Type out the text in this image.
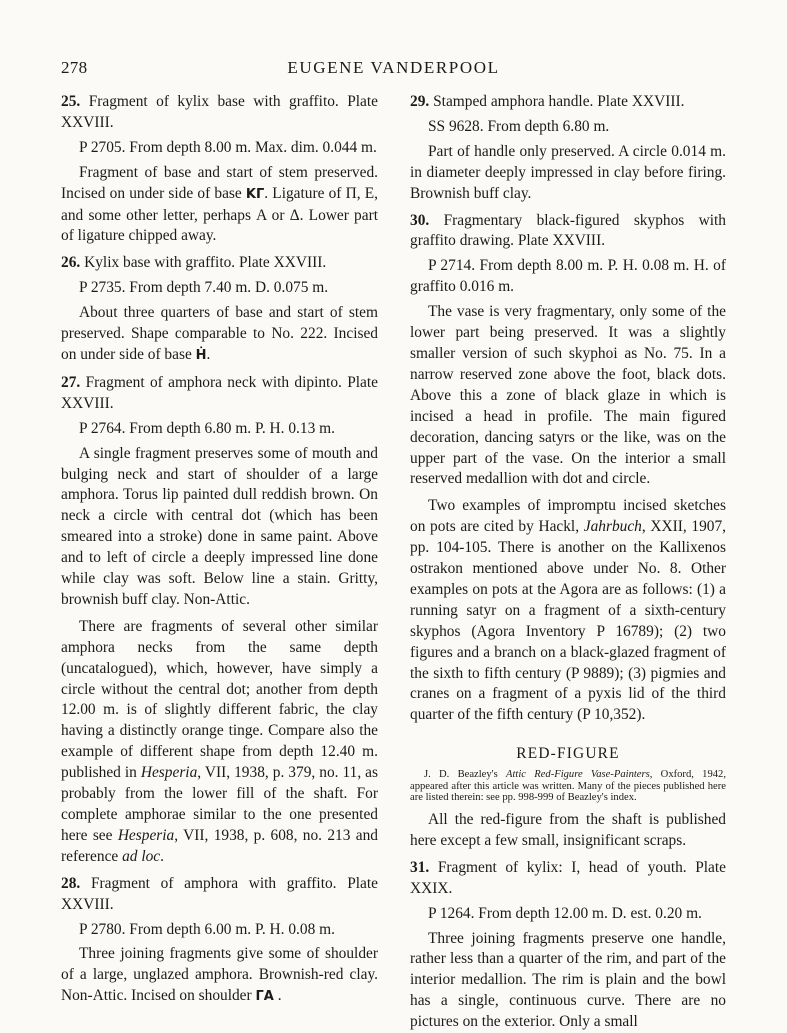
278	EUGENE VANDERPOOL

25. Fragment of kylix base with graffito. Plate XXVIII.

P 2705. From depth 8.00 m. Max. dim. 0.044 m.

Fragment of base and start of stem preserved. Incised on under side of base ΚΓ. Ligature of Π, Ε, and some other letter, perhaps Α or Δ. Lower part of ligature chipped away.

26. Kylix base with graffito. Plate XXVIII.

P 2735. From depth 7.40 m. D. 0.075 m.

About three quarters of base and start of stem preserved. Shape comparable to No. 222. Incised on under side of base Ḣ.

27. Fragment of amphora neck with dipinto. Plate XXVIII.

P 2764. From depth 6.80 m. P. H. 0.13 m.

A single fragment preserves some of mouth and bulging neck and start of shoulder of a large amphora. Torus lip painted dull reddish brown. On neck a circle with central dot (which has been smeared into a stroke) done in same paint. Above and to left of circle a deeply impressed line done while clay was soft. Below line a stain. Gritty, brownish buff clay. Non-Attic.

There are fragments of several other similar amphora necks from the same depth (uncatalogued), which, however, have simply a circle without the central dot; another from depth 12.00 m. is of slightly different fabric, the clay having a distinctly orange tinge. Compare also the example of different shape from depth 12.40 m. published in Hesperia, VII, 1938, p. 379, no. 11, as probably from the lower fill of the shaft. For complete amphorae similar to the one presented here see Hesperia, VII, 1938, p. 608, no. 213 and reference ad loc.

28. Fragment of amphora with graffito. Plate XXVIII.

P 2780. From depth 6.00 m. P. H. 0.08 m.

Three joining fragments give some of shoulder of a large, unglazed amphora. Brownish-red clay. Non-Attic. Incised on shoulder ΓΑ .

29. Stamped amphora handle. Plate XXVIII.

SS 9628. From depth 6.80 m.

Part of handle only preserved. A circle 0.014 m. in diameter deeply impressed in clay before firing. Brownish buff clay.

30. Fragmentary black-figured skyphos with graffito drawing. Plate XXVIII.

P 2714. From depth 8.00 m. P. H. 0.08 m. H. of graffito 0.016 m.

The vase is very fragmentary, only some of the lower part being preserved. It was a slightly smaller version of such skyphoi as No. 75. In a narrow reserved zone above the foot, black dots. Above this a zone of black glaze in which is incised a head in profile. The main figured decoration, dancing satyrs or the like, was on the upper part of the vase. On the interior a small reserved medallion with dot and circle.

Two examples of impromptu incised sketches on pots are cited by Hackl, Jahrbuch, XXII, 1907, pp. 104-105. There is another on the Kallixenos ostrakon mentioned above under No. 8. Other examples on pots at the Agora are as follows: (1) a running satyr on a fragment of a sixth-century skyphos (Agora Inventory P 16789); (2) two figures and a branch on a black-glazed fragment of the sixth to fifth century (P 9889); (3) pigmies and cranes on a fragment of a pyxis lid of the third quarter of the fifth century (P 10,352).

RED-FIGURE

J. D. Beazley's Attic Red-Figure Vase-Painters, Oxford, 1942, appeared after this article was written. Many of the pieces published here are listed therein: see pp. 998-999 of Beazley's index.

All the red-figure from the shaft is published here except a few small, insignificant scraps.

31. Fragment of kylix: I, head of youth. Plate XXIX.

P 1264. From depth 12.00 m. D. est. 0.20 m.

Three joining fragments preserve one handle, rather less than a quarter of the rim, and part of the interior medallion. The rim is plain and the bowl has a single, continuous curve. There are no pictures on the exterior. Only a small
